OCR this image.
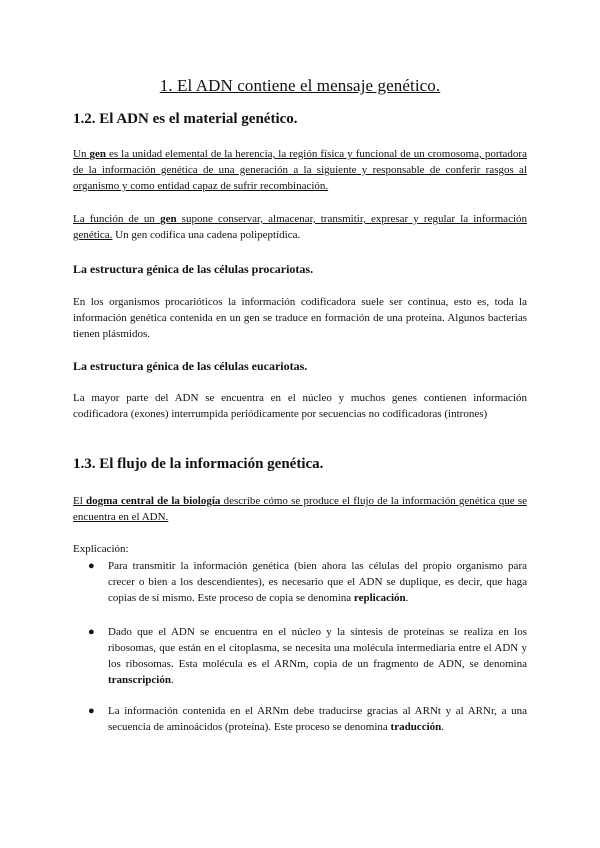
1. El ADN contiene el mensaje genético.
1.2. El ADN es el material genético.
Un gen es la unidad elemental de la herencia, la región física y funcional de un cromosoma, portadora de la información genética de una generación a la siguiente y responsable de conferir rasgos al organismo y como entidad capaz de sufrir recombinación.
La función de un gen supone conservar, almacenar, transmitir, expresar y regular la información genética. Un gen codifica una cadena polipeptídica.
La estructura génica de las células procariotas.
En los organismos procarióticos la información codificadora suele ser continua, esto es, toda la información genética contenida en un gen se traduce en formación de una proteína. Algunos bacterias tienen plásmidos.
La estructura génica de las células eucariotas.
La mayor parte del ADN se encuentra en el núcleo y muchos genes contienen información codificadora (exones) interrumpida periódicamente por secuencias no codificadoras (intrones)
1.3. El flujo de la información genética.
El dogma central de la biología describe cómo se produce el flujo de la información genética que se encuentra en el ADN.
Explicación:
●	Para transmitir la información genética (bien ahora las células del propio organismo para crecer o bien a los descendientes), es necesario que el ADN se duplique, es decir, que haga copias de sí mismo. Este proceso de copia se denomina replicación.
●	Dado que el ADN se encuentra en el núcleo y la síntesis de proteínas se realiza en los ribosomas, que están en el citoplasma, se necesita una molécula intermediaria entre el ADN y los ribosomas. Esta molécula es el ARNm, copia de un fragmento de ADN, se denomina transcripción.
●	La información contenida en el ARNm debe traducirse gracias al ARNt y al ARNr, a una secuencia de aminoácidos (proteína). Este proceso se denomina traducción.
